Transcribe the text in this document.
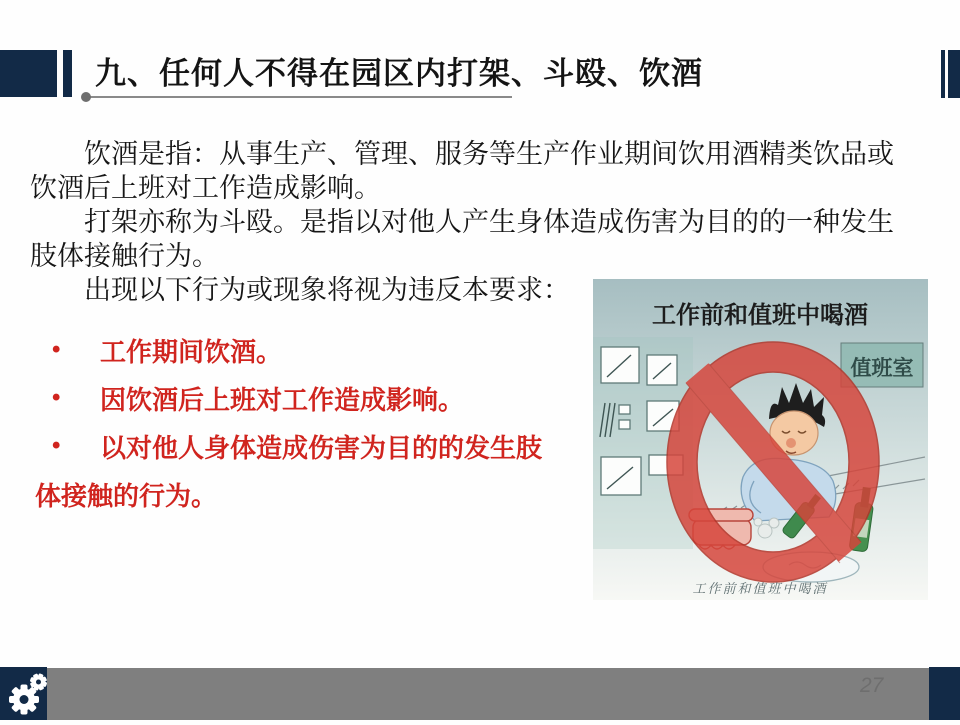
九、任何人不得在园区内打架、斗殴、饮酒
饮酒是指：从事生产、管理、服务等生产作业期间饮用酒精类饮品或
饮酒后上班对工作造成影响。
打架亦称为斗殴。是指以对他人产生身体造成伤害为目的的一种发生
肢体接触行为。
出现以下行为或现象将视为违反本要求：
•	工作期间饮酒。
•	因饮酒后上班对工作造成影响。
•	以对他人身体造成伤害为目的的发生肢
体接触的行为。
工作前和值班中喝酒
值班室
工作前和值班中喝酒
27
